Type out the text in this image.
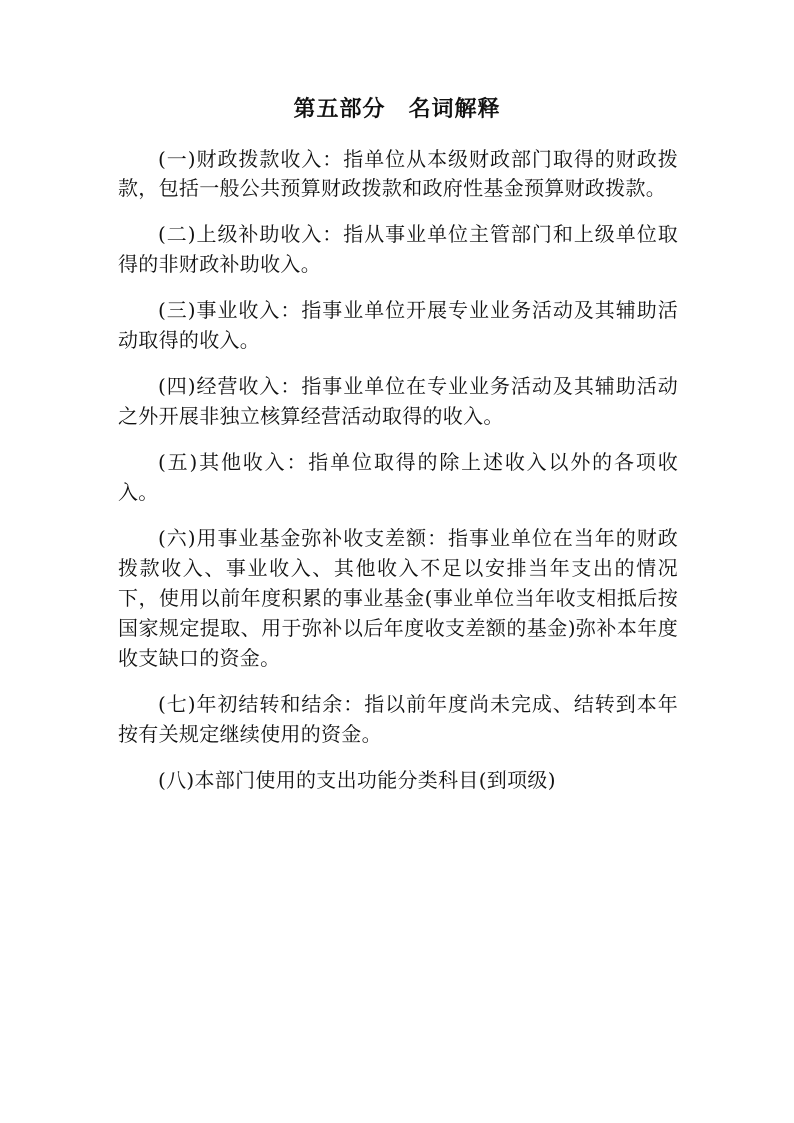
第五部分　名词解释

(一)财政拨款收入：指单位从本级财政部门取得的财政拨款，包括一般公共预算财政拨款和政府性基金预算财政拨款。

(二)上级补助收入：指从事业单位主管部门和上级单位取得的非财政补助收入。

(三)事业收入：指事业单位开展专业业务活动及其辅助活动取得的收入。

(四)经营收入：指事业单位在专业业务活动及其辅助活动之外开展非独立核算经营活动取得的收入。

(五)其他收入：指单位取得的除上述收入以外的各项收入。

(六)用事业基金弥补收支差额：指事业单位在当年的财政拨款收入、事业收入、其他收入不足以安排当年支出的情况下，使用以前年度积累的事业基金(事业单位当年收支相抵后按国家规定提取、用于弥补以后年度收支差额的基金)弥补本年度收支缺口的资金。

(七)年初结转和结余：指以前年度尚未完成、结转到本年按有关规定继续使用的资金。

(八)本部门使用的支出功能分类科目(到项级)
